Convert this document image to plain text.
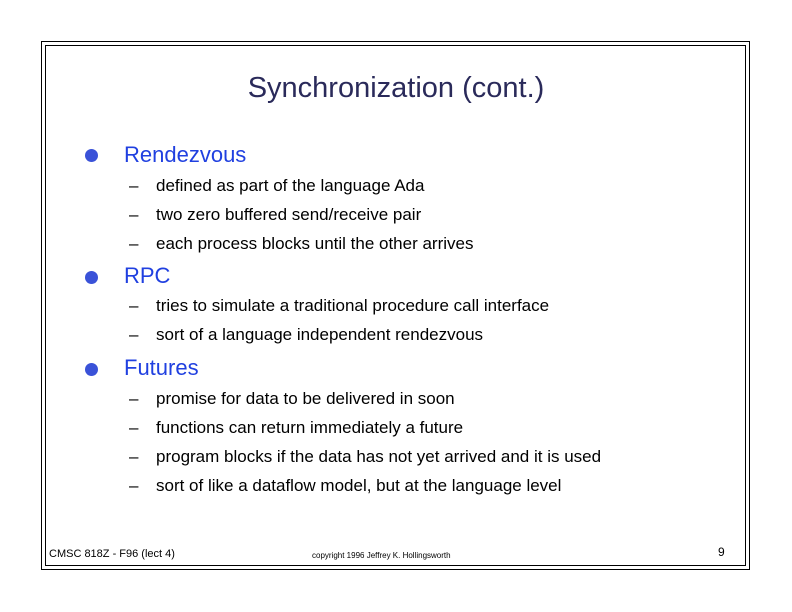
Synchronization (cont.)
Rendezvous
– defined as part of the language Ada
– two zero buffered send/receive pair
– each process blocks until the other arrives
RPC
– tries to simulate a traditional procedure call interface
– sort of a language independent rendezvous
Futures
– promise for data to be delivered in soon
– functions can return immediately a future
– program blocks if the data has not yet arrived and it is used
– sort of like a dataflow model, but at the language level
CMSC 818Z - F96 (lect 4)	copyright 1996 Jeffrey K. Hollingsworth	9
